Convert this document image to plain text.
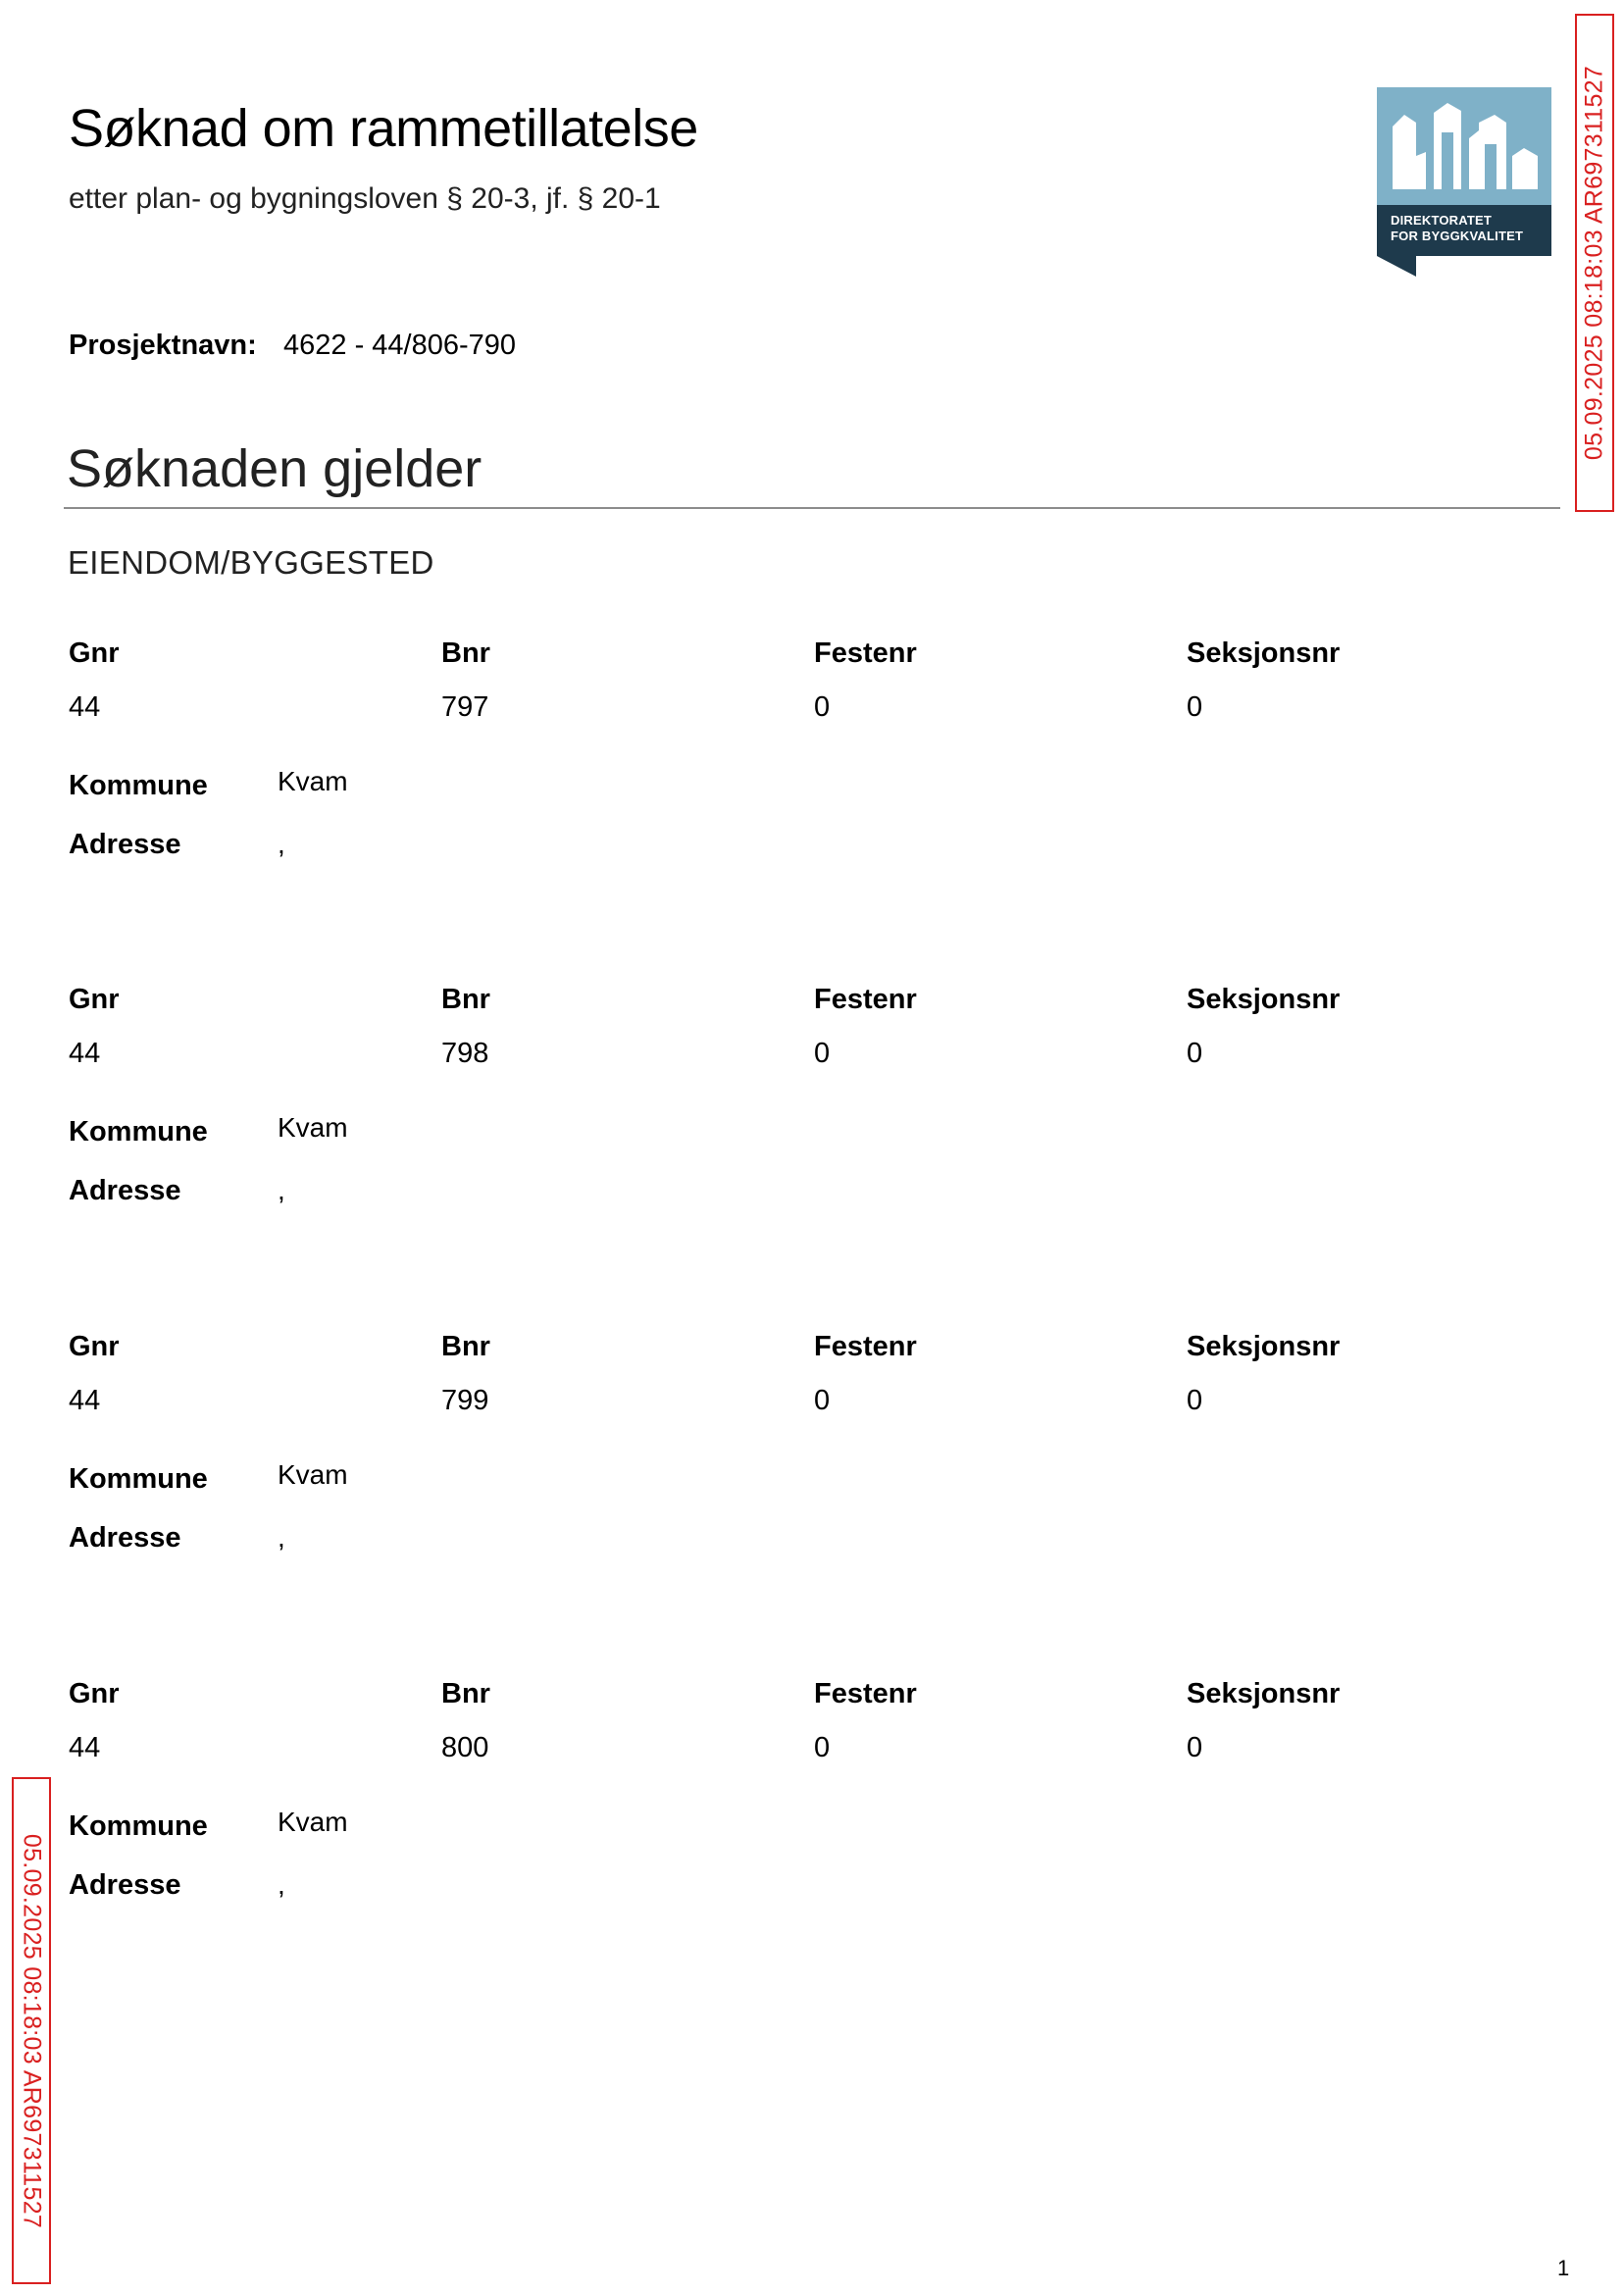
Søknad om rammetillatelse
etter plan- og bygningsloven § 20-3, jf. § 20-1
DIREKTORATET
FOR BYGGKVALITET 05.09.2025 08:18:03 AR697311527
Prosjektnavn: 4622 - 44/806-790
Søknaden gjelder
EIENDOM/BYGGESTED
Gnr	Bnr	Festenr	Seksjonsnr
44	797	0	0
Kommune	Kvam
Adresse	,
Gnr	Bnr	Festenr	Seksjonsnr
44	798	0	0
Kommune	Kvam
Adresse	,
Gnr	Bnr	Festenr	Seksjonsnr
44	799	0	0
Kommune	Kvam
Adresse	,
Gnr	Bnr	Festenr	Seksjonsnr
44	800	0	0
Kommune	Kvam
Adresse	,
05.09.2025 08:18:03 AR697311527
1
